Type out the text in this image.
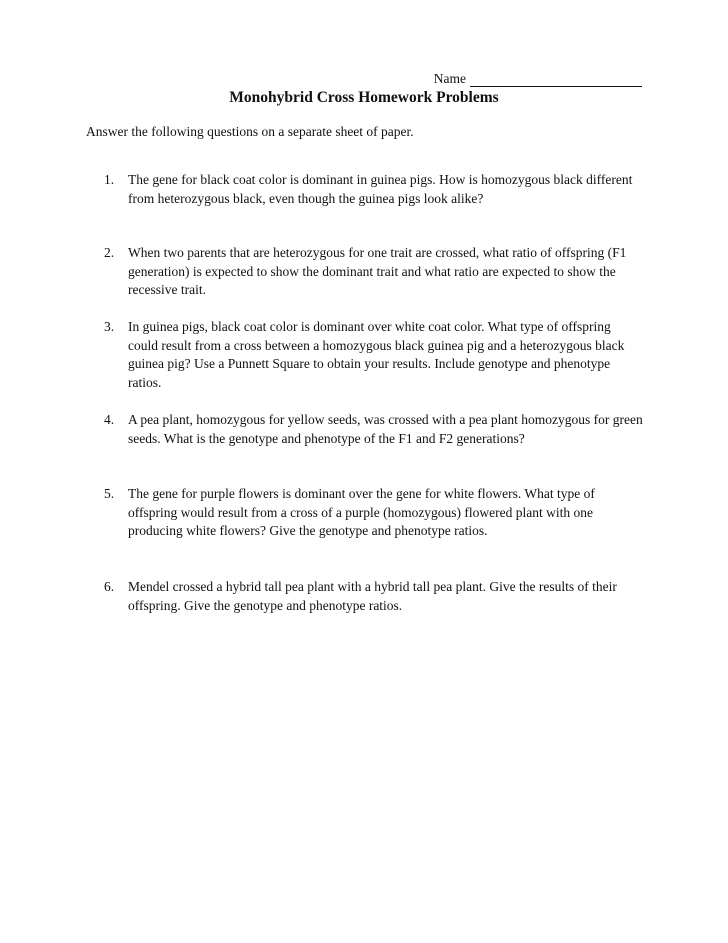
Name
Monohybrid Cross Homework Problems
Answer the following questions on a separate sheet of paper.
1.	The gene for black coat color is dominant in guinea pigs. How is homozygous black different from heterozygous black, even though the guinea pigs look alike?
2.	When two parents that are heterozygous for one trait are crossed, what ratio of offspring (F1 generation) is expected to show the dominant trait and what ratio are expected to show the recessive trait.
3.	In guinea pigs, black coat color is dominant over white coat color. What type of offspring could result from a cross between a homozygous black guinea pig and a heterozygous black guinea pig? Use a Punnett Square to obtain your results. Include genotype and phenotype ratios.
4.	A pea plant, homozygous for yellow seeds, was crossed with a pea plant homozygous for green seeds. What is the genotype and phenotype of the F1 and F2 generations?
5.	The gene for purple flowers is dominant over the gene for white flowers. What type of offspring would result from a cross of a purple (homozygous) flowered plant with one producing white flowers? Give the genotype and phenotype ratios.
6.	Mendel crossed a hybrid tall pea plant with a hybrid tall pea plant. Give the results of their offspring. Give the genotype and phenotype ratios.
